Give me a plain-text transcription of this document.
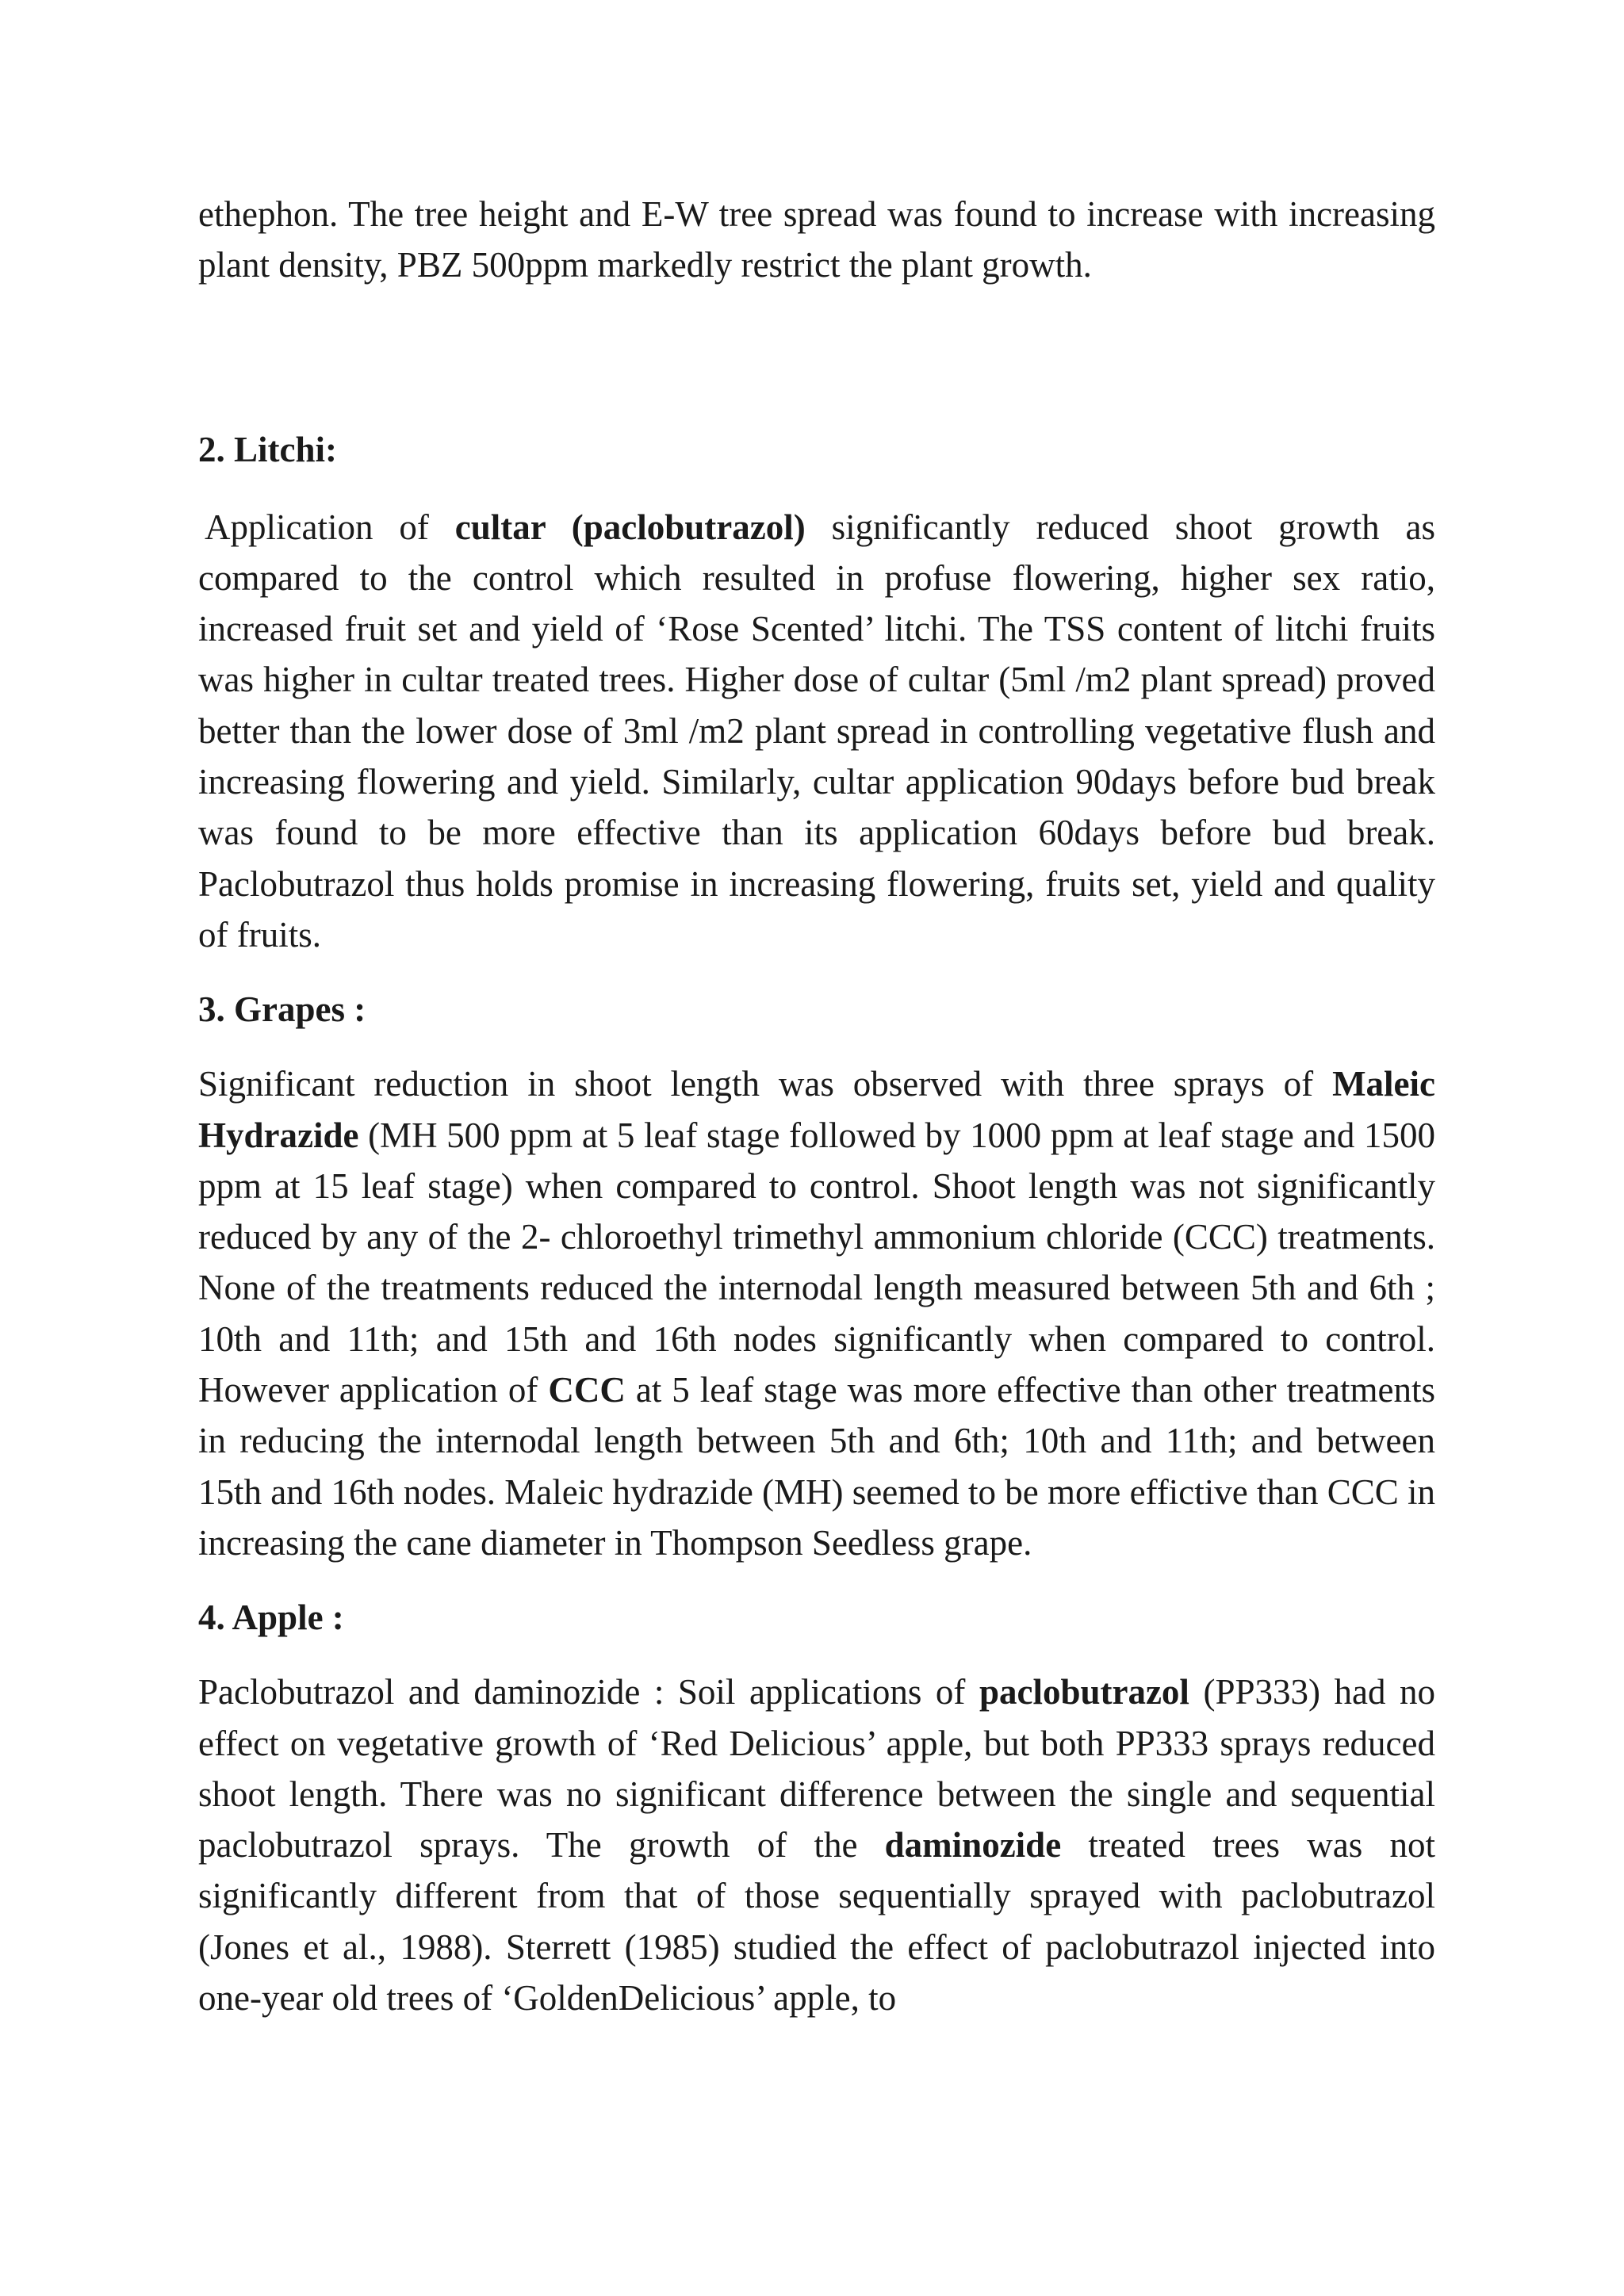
ethephon. The tree height and E-W tree spread was found to increase with increasing plant density, PBZ 500ppm markedly restrict the plant growth.

2. Litchi:

Application of cultar (paclobutrazol) significantly reduced shoot growth as compared to the control which resulted in profuse flowering, higher sex ratio, increased fruit set and yield of ‘Rose Scented’ litchi. The TSS content of litchi fruits was higher in cultar treated trees. Higher dose of cultar (5ml /m2 plant spread) proved better than the lower dose of 3ml /m2 plant spread in controlling vegetative flush and increasing flowering and yield. Similarly, cultar application 90days before bud break was found to be more effective than its application 60days before bud break. Paclobutrazol thus holds promise in increasing flowering, fruits set, yield and quality of fruits.

3. Grapes :

Significant reduction in shoot length was observed with three sprays of Maleic Hydrazide (MH 500 ppm at 5 leaf stage followed by 1000 ppm at leaf stage and 1500 ppm at 15 leaf stage) when compared to control. Shoot length was not significantly reduced by any of the 2- chloroethyl trimethyl ammonium chloride (CCC) treatments. None of the treatments reduced the internodal length measured between 5th and 6th ; 10th and 11th; and 15th and 16th nodes significantly when compared to control. However application of CCC at 5 leaf stage was more effective than other treatments in reducing the internodal length between 5th and 6th; 10th and 11th; and between 15th and 16th nodes. Maleic hydrazide (MH) seemed to be more effictive than CCC in increasing the cane diameter in Thompson Seedless grape.

4. Apple :

Paclobutrazol and daminozide : Soil applications of paclobutrazol (PP333) had no effect on vegetative growth of ‘Red Delicious’ apple, but both PP333 sprays reduced shoot length. There was no significant difference between the single and sequential paclobutrazol sprays. The growth of the daminozide treated trees was not significantly different from that of those sequentially sprayed with paclobutrazol (Jones et al., 1988). Sterrett (1985) studied the effect of paclobutrazol injected into one-year old trees of ‘GoldenDelicious’ apple, to
